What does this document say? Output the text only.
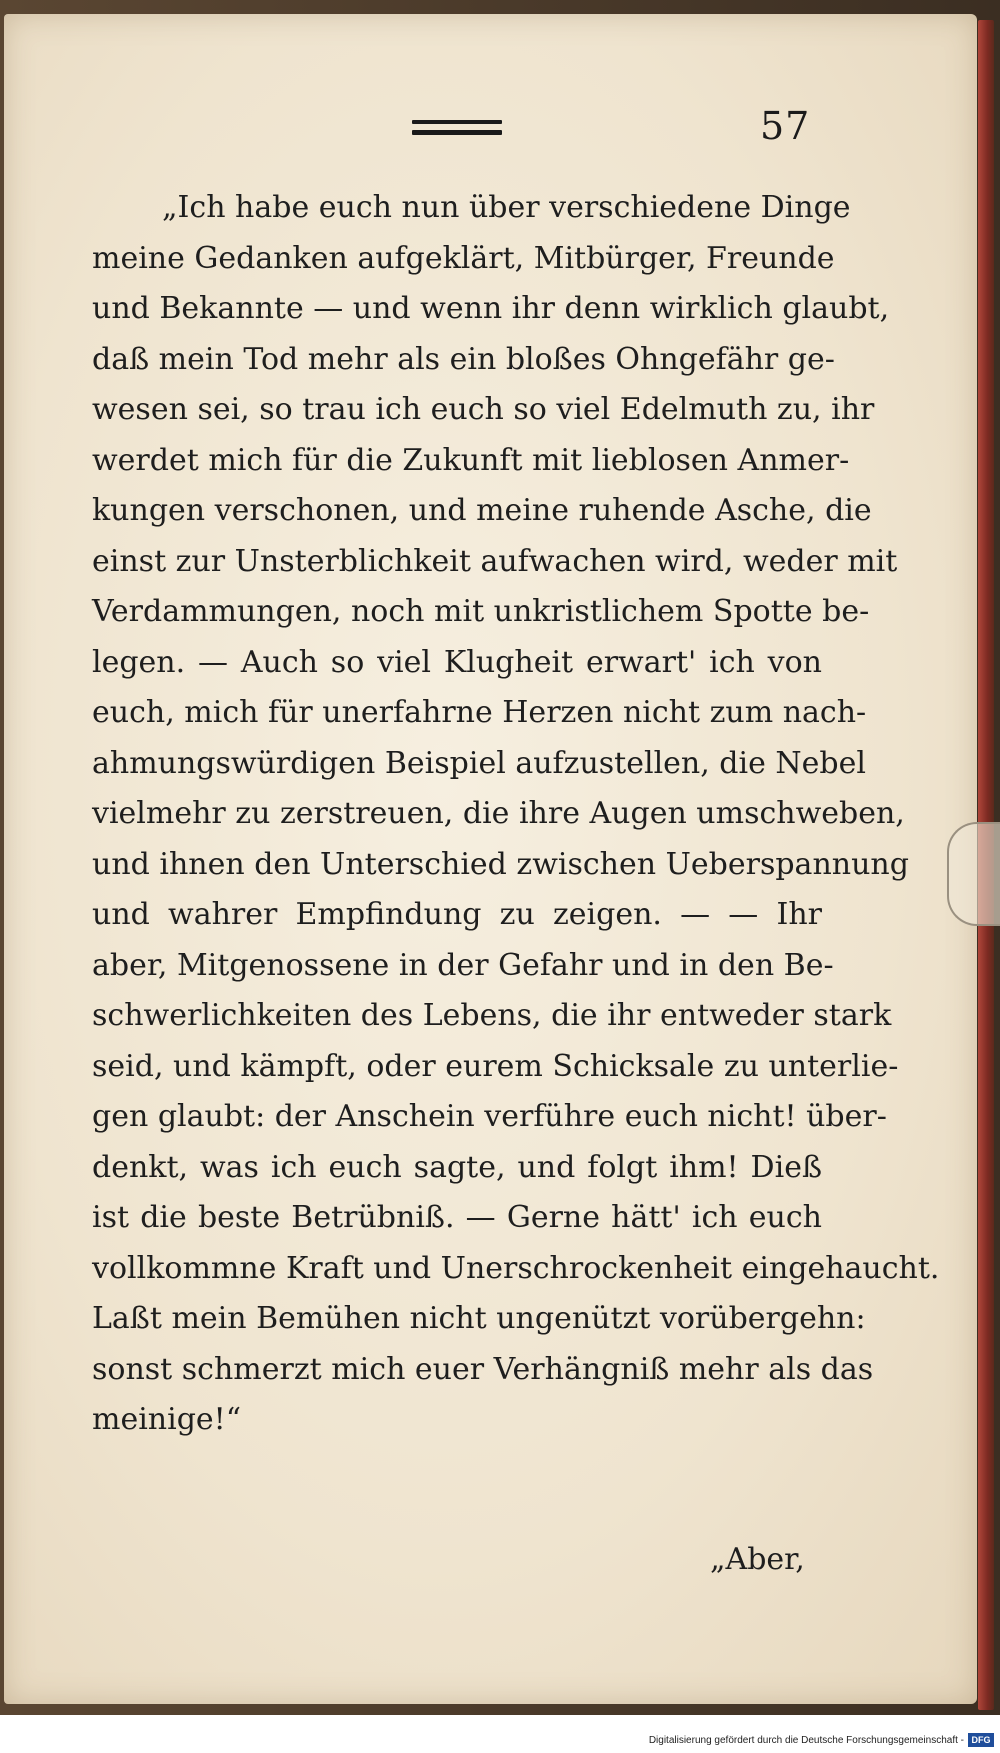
57
„Ich habe euch nun über verschiedene Dinge
meine Gedanken aufgeklärt, Mitbürger, Freunde
und Bekannte — und wenn ihr denn wirklich glaubt,
daß mein Tod mehr als ein bloßes Ohngefähr ge-
wesen sei, so trau ich euch so viel Edelmuth zu, ihr
werdet mich für die Zukunft mit lieblosen Anmer-
kungen verschonen, und meine ruhende Asche, die
einst zur Unsterblichkeit aufwachen wird, weder mit
Verdammungen, noch mit unkristlichem Spotte be-
legen. — Auch so viel Klugheit erwart' ich von
euch, mich für unerfahrne Herzen nicht zum nach-
ahmungswürdigen Beispiel aufzustellen, die Nebel
vielmehr zu zerstreuen, die ihre Augen umschweben,
und ihnen den Unterschied zwischen Ueberspannung
und wahrer Empfindung zu zeigen. — — Ihr
aber, Mitgenossene in der Gefahr und in den Be-
schwerlichkeiten des Lebens, die ihr entweder stark
seid, und kämpft, oder eurem Schicksale zu unterlie-
gen glaubt: der Anschein verführe euch nicht! über-
denkt, was ich euch sagte, und folgt ihm! Dieß
ist die beste Betrübniß. — Gerne hätt' ich euch
vollkommne Kraft und Unerschrockenheit eingehaucht.
Laßt mein Bemühen nicht ungenützt vorübergehn:
sonst schmerzt mich euer Verhängniß mehr als das
meinige!“
„Aber,
Digitalisierung gefördert durch die Deutsche Forschungsgemeinschaft - DFG
